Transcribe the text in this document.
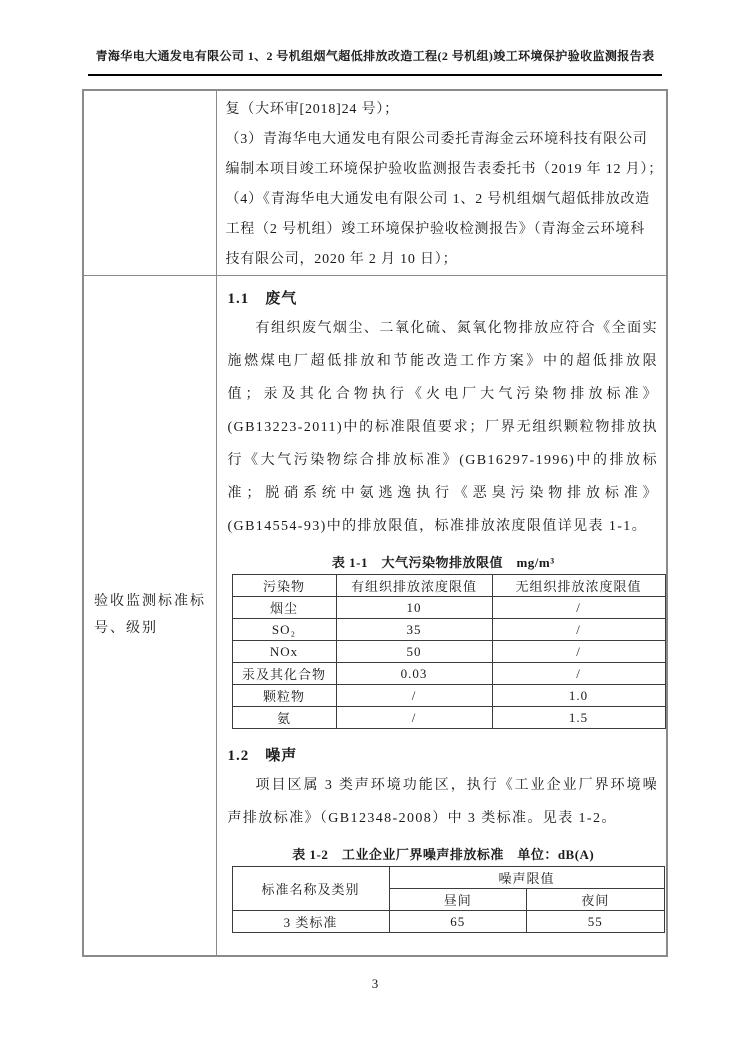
青海华电大通发电有限公司 1、2 号机组烟气超低排放改造工程(2 号机组)竣工环境保护验收监测报告表

复（大环审[2018]24 号）；
（3）青海华电大通发电有限公司委托青海金云环境科技有限公司
编制本项目竣工环境保护验收监测报告表委托书（2019 年 12 月）；
（4）《青海华电大通发电有限公司 1、2 号机组烟气超低排放改造
工程（2 号机组）竣工环境保护验收检测报告》（青海金云环境科
技有限公司，2020 年 2 月 10 日）；

验收监测标准标号、级别	
1.1　废气
有组织废气烟尘、二氧化硫、氮氧化物排放应符合《全面实施燃煤电厂超低排放和节能改造工作方案》中的超低排放限值；汞及其化合物执行《火电厂大气污染物排放标准》(GB13223-2011)中的标准限值要求；厂界无组织颗粒物排放执行《大气污染物综合排放标准》(GB16297-1996)中的排放标准；脱硝系统中氨逃逸执行《恶臭污染物排放标准》(GB14554-93)中的排放限值，标准排放浓度限值详见表 1-1。
表 1-1　大气污染物排放限值　mg/m³
污染物	有组织排放浓度限值	无组织排放浓度限值
烟尘	10	/
SO₂	35	/
NOx	50	/
汞及其化合物	0.03	/
颗粒物	/	1.0
氨	/	1.5
1.2　噪声
项目区属 3 类声环境功能区，执行《工业企业厂界环境噪声排放标准》（GB12348-2008）中 3 类标准。见表 1-2。
表 1-2　工业企业厂界噪声排放标准　单位：dB(A)
标准名称及类别	噪声限值
昼间	夜间
3 类标准	65	55
3
